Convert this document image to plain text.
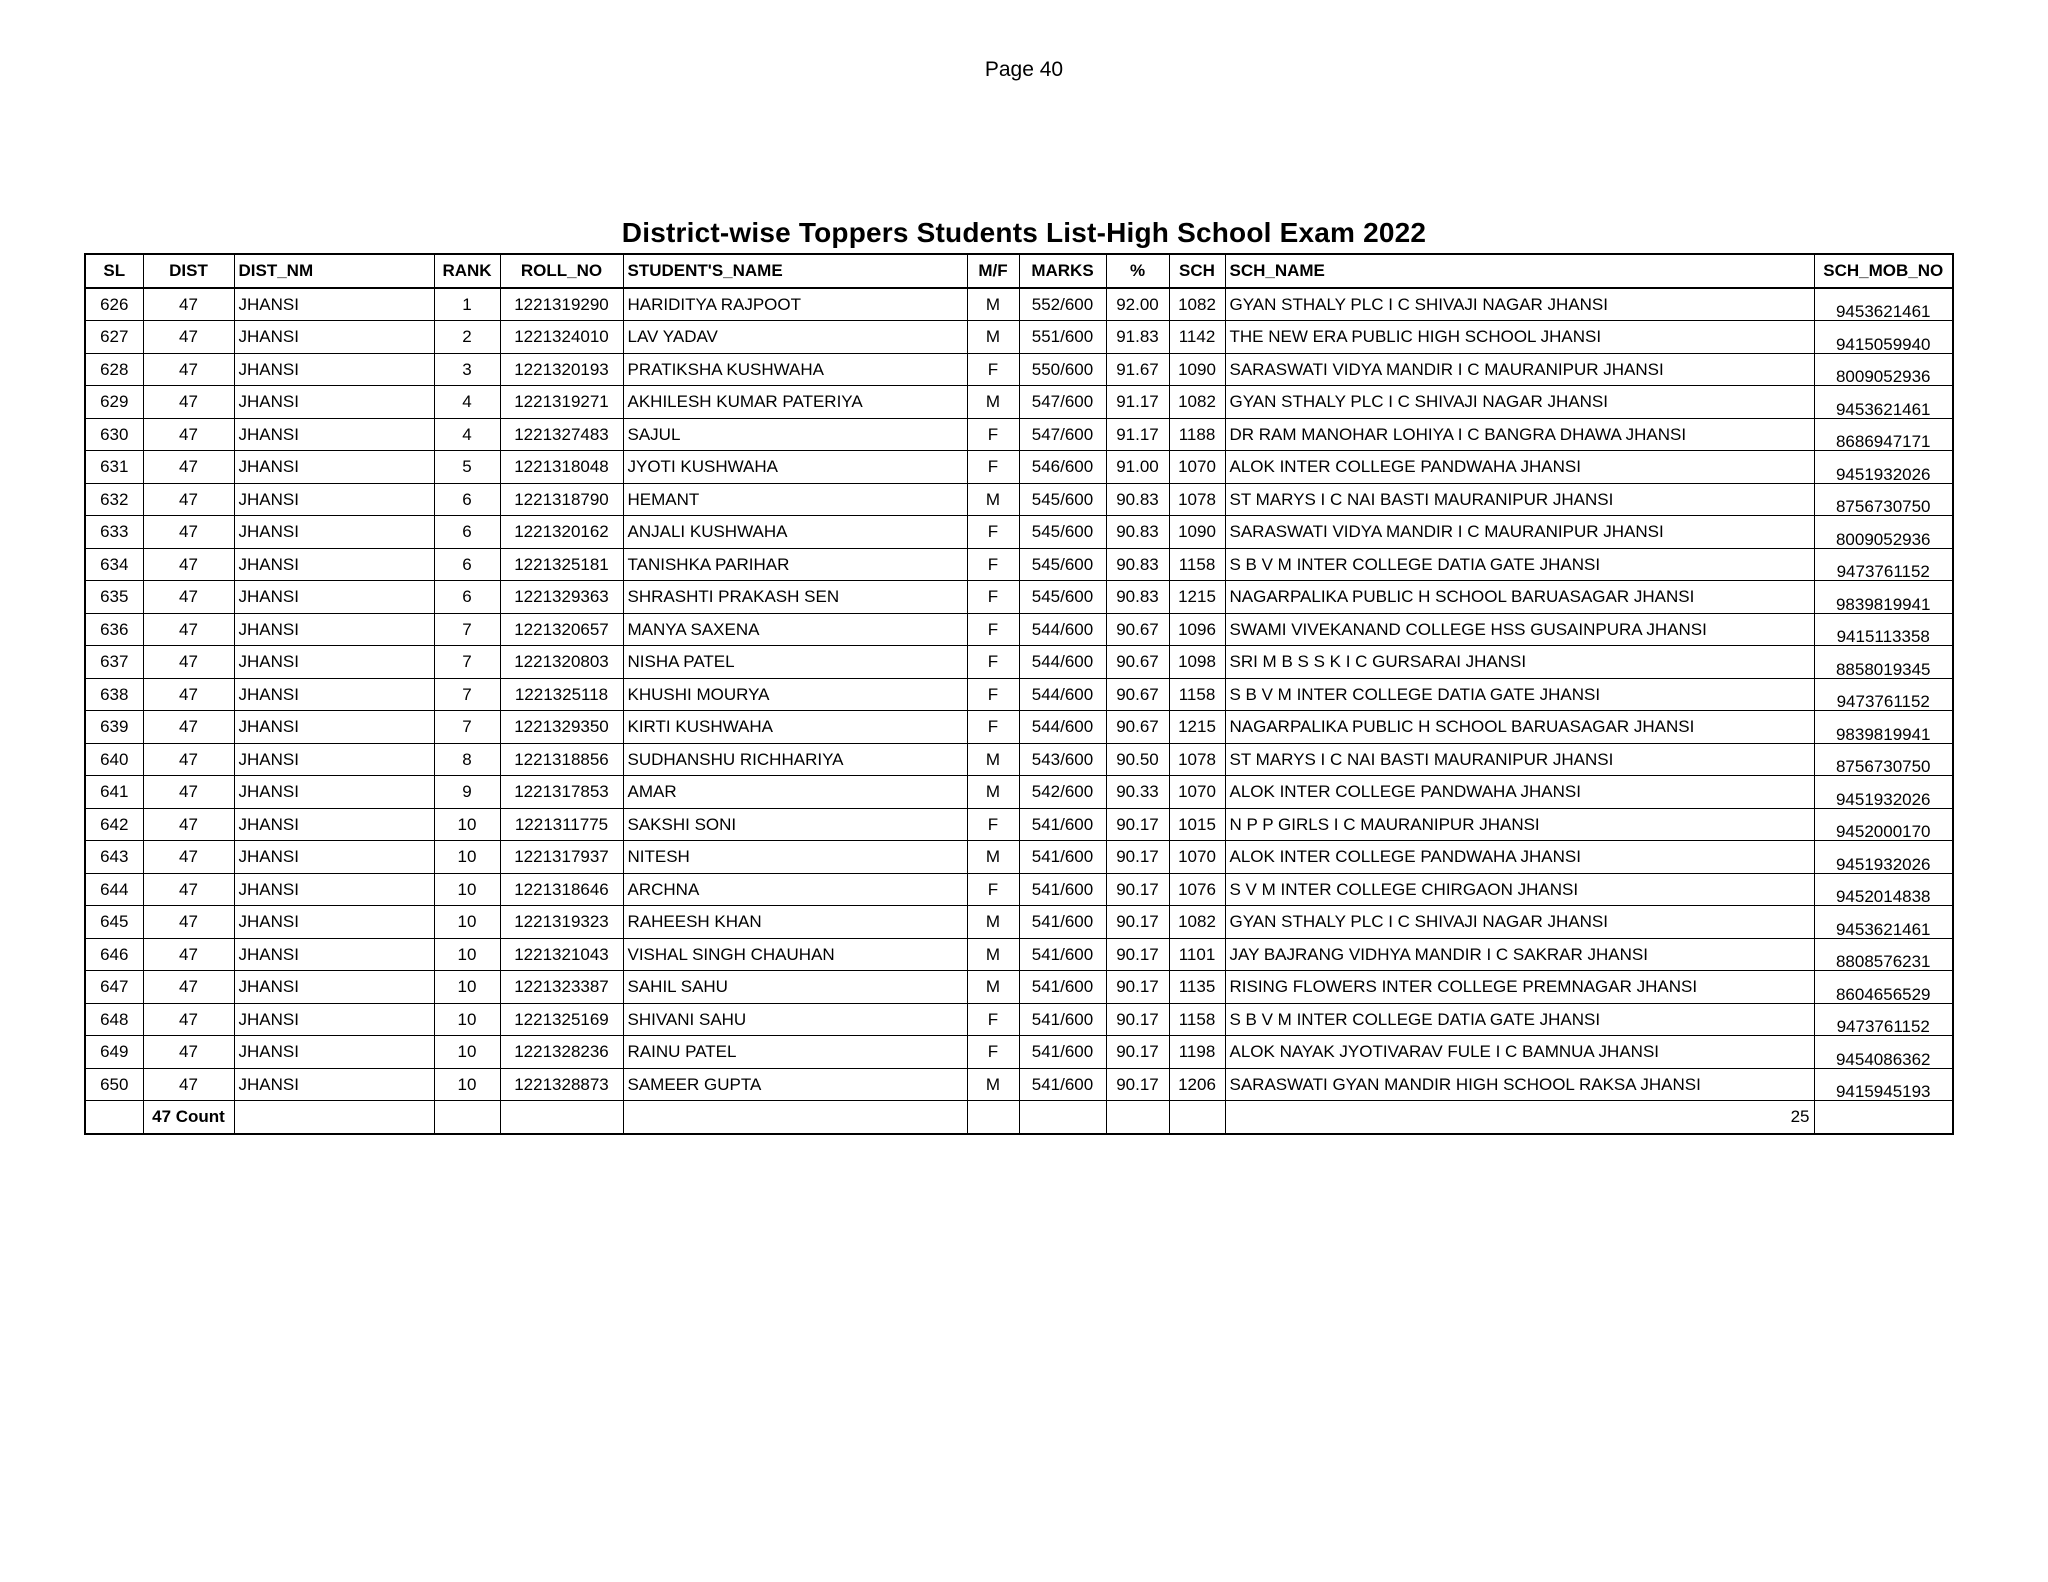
Page 40
District-wise Toppers Students List-High School Exam 2022
SL	DIST	DIST_NM	RANK	ROLL_NO	STUDENT'S_NAME	M/F	MARKS	%	SCH	SCH_NAME	SCH_MOB_NO
626	47	JHANSI	1	1221319290	HARIDITYA RAJPOOT	M	552/600	92.00	1082	GYAN STHALY PLC I C SHIVAJI NAGAR JHANSI	9453621461
627	47	JHANSI	2	1221324010	LAV YADAV	M	551/600	91.83	1142	THE NEW ERA PUBLIC HIGH SCHOOL JHANSI	9415059940
628	47	JHANSI	3	1221320193	PRATIKSHA KUSHWAHA	F	550/600	91.67	1090	SARASWATI VIDYA MANDIR I C MAURANIPUR JHANSI	8009052936
629	47	JHANSI	4	1221319271	AKHILESH KUMAR PATERIYA	M	547/600	91.17	1082	GYAN STHALY PLC I C SHIVAJI NAGAR JHANSI	9453621461
630	47	JHANSI	4	1221327483	SAJUL	F	547/600	91.17	1188	DR RAM MANOHAR LOHIYA I C BANGRA DHAWA JHANSI	8686947171
631	47	JHANSI	5	1221318048	JYOTI KUSHWAHA	F	546/600	91.00	1070	ALOK INTER COLLEGE PANDWAHA JHANSI	9451932026
632	47	JHANSI	6	1221318790	HEMANT	M	545/600	90.83	1078	ST MARYS I C NAI BASTI MAURANIPUR JHANSI	8756730750
633	47	JHANSI	6	1221320162	ANJALI KUSHWAHA	F	545/600	90.83	1090	SARASWATI VIDYA MANDIR I C MAURANIPUR JHANSI	8009052936
634	47	JHANSI	6	1221325181	TANISHKA PARIHAR	F	545/600	90.83	1158	S B V M INTER COLLEGE DATIA GATE JHANSI	9473761152
635	47	JHANSI	6	1221329363	SHRASHTI PRAKASH SEN	F	545/600	90.83	1215	NAGARPALIKA PUBLIC H SCHOOL BARUASAGAR JHANSI	9839819941
636	47	JHANSI	7	1221320657	MANYA SAXENA	F	544/600	90.67	1096	SWAMI VIVEKANAND COLLEGE HSS GUSAINPURA JHANSI	9415113358
637	47	JHANSI	7	1221320803	NISHA PATEL	F	544/600	90.67	1098	SRI M B S S K I C GURSARAI JHANSI	8858019345
638	47	JHANSI	7	1221325118	KHUSHI MOURYA	F	544/600	90.67	1158	S B V M INTER COLLEGE DATIA GATE JHANSI	9473761152
639	47	JHANSI	7	1221329350	KIRTI KUSHWAHA	F	544/600	90.67	1215	NAGARPALIKA PUBLIC H SCHOOL BARUASAGAR JHANSI	9839819941
640	47	JHANSI	8	1221318856	SUDHANSHU RICHHARIYA	M	543/600	90.50	1078	ST MARYS I C NAI BASTI MAURANIPUR JHANSI	8756730750
641	47	JHANSI	9	1221317853	AMAR	M	542/600	90.33	1070	ALOK INTER COLLEGE PANDWAHA JHANSI	9451932026
642	47	JHANSI	10	1221311775	SAKSHI SONI	F	541/600	90.17	1015	N P P GIRLS I C MAURANIPUR JHANSI	9452000170
643	47	JHANSI	10	1221317937	NITESH	M	541/600	90.17	1070	ALOK INTER COLLEGE PANDWAHA JHANSI	9451932026
644	47	JHANSI	10	1221318646	ARCHNA	F	541/600	90.17	1076	S V M INTER COLLEGE CHIRGAON JHANSI	9452014838
645	47	JHANSI	10	1221319323	RAHEESH KHAN	M	541/600	90.17	1082	GYAN STHALY PLC I C SHIVAJI NAGAR JHANSI	9453621461
646	47	JHANSI	10	1221321043	VISHAL SINGH CHAUHAN	M	541/600	90.17	1101	JAY BAJRANG VIDHYA MANDIR I C SAKRAR JHANSI	8808576231
647	47	JHANSI	10	1221323387	SAHIL SAHU	M	541/600	90.17	1135	RISING FLOWERS INTER COLLEGE PREMNAGAR JHANSI	8604656529
648	47	JHANSI	10	1221325169	SHIVANI SAHU	F	541/600	90.17	1158	S B V M INTER COLLEGE DATIA GATE JHANSI	9473761152
649	47	JHANSI	10	1221328236	RAINU PATEL	F	541/600	90.17	1198	ALOK NAYAK JYOTIVARAV FULE I C BAMNUA JHANSI	9454086362
650	47	JHANSI	10	1221328873	SAMEER GUPTA	M	541/600	90.17	1206	SARASWATI GYAN MANDIR HIGH SCHOOL RAKSA JHANSI	9415945193
	47 Count									25	
